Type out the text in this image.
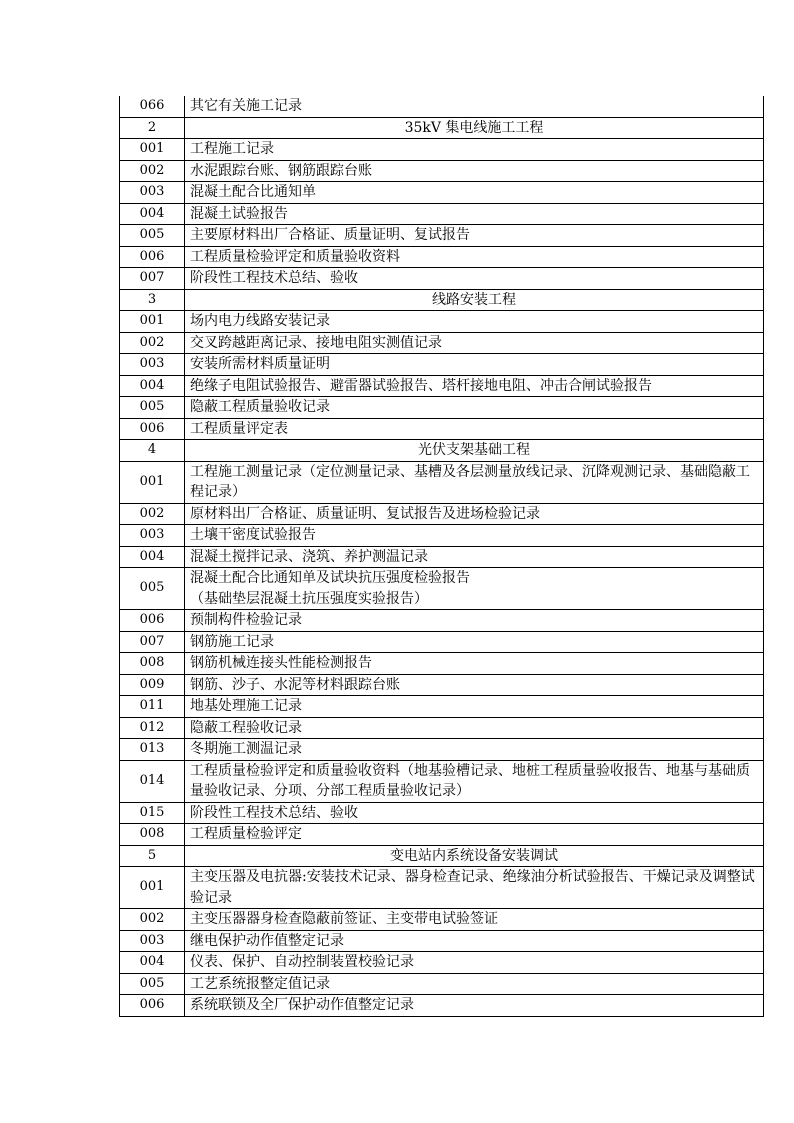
066	其它有关施工记录
2	35kV 集电线施工工程
001	工程施工记录
002	水泥跟踪台账、钢筋跟踪台账
003	混凝土配合比通知单
004	混凝土试验报告
005	主要原材料出厂合格证、质量证明、复试报告
006	工程质量检验评定和质量验收资料
007	阶段性工程技术总结、验收
3	线路安装工程
001	场内电力线路安装记录
002	交叉跨越距离记录、接地电阻实测值记录
003	安装所需材料质量证明
004	绝缘子电阻试验报告、避雷器试验报告、塔杆接地电阻、冲击合闸试验报告
005	隐蔽工程质量验收记录
006	工程质量评定表
4	光伏支架基础工程
001	工程施工测量记录（定位测量记录、基槽及各层测量放线记录、沉降观测记录、基础隐蔽工程记录）
002	原材料出厂合格证、质量证明、复试报告及进场检验记录
003	土壤干密度试验报告
004	混凝土搅拌记录、浇筑、养护测温记录
005	混凝土配合比通知单及试块抗压强度检验报告
（基础垫层混凝土抗压强度实验报告）
006	预制构件检验记录
007	钢筋施工记录
008	钢筋机械连接头性能检测报告
009	钢筋、沙子、水泥等材料跟踪台账
011	地基处理施工记录
012	隐蔽工程验收记录
013	冬期施工测温记录
014	工程质量检验评定和质量验收资料（地基验槽记录、地桩工程质量验收报告、地基与基础质量验收记录、分项、分部工程质量验收记录）
015	阶段性工程技术总结、验收
008	工程质量检验评定
5	变电站内系统设备安装调试
001	主变压器及电抗器:安装技术记录、器身检查记录、绝缘油分析试验报告、干燥记录及调整试验记录
002	主变压器器身检查隐蔽前签证、主变带电试验签证
003	继电保护动作值整定记录
004	仪表、保护、自动控制装置校验记录
005	工艺系统报整定值记录
006	系统联锁及全厂保护动作值整定记录
